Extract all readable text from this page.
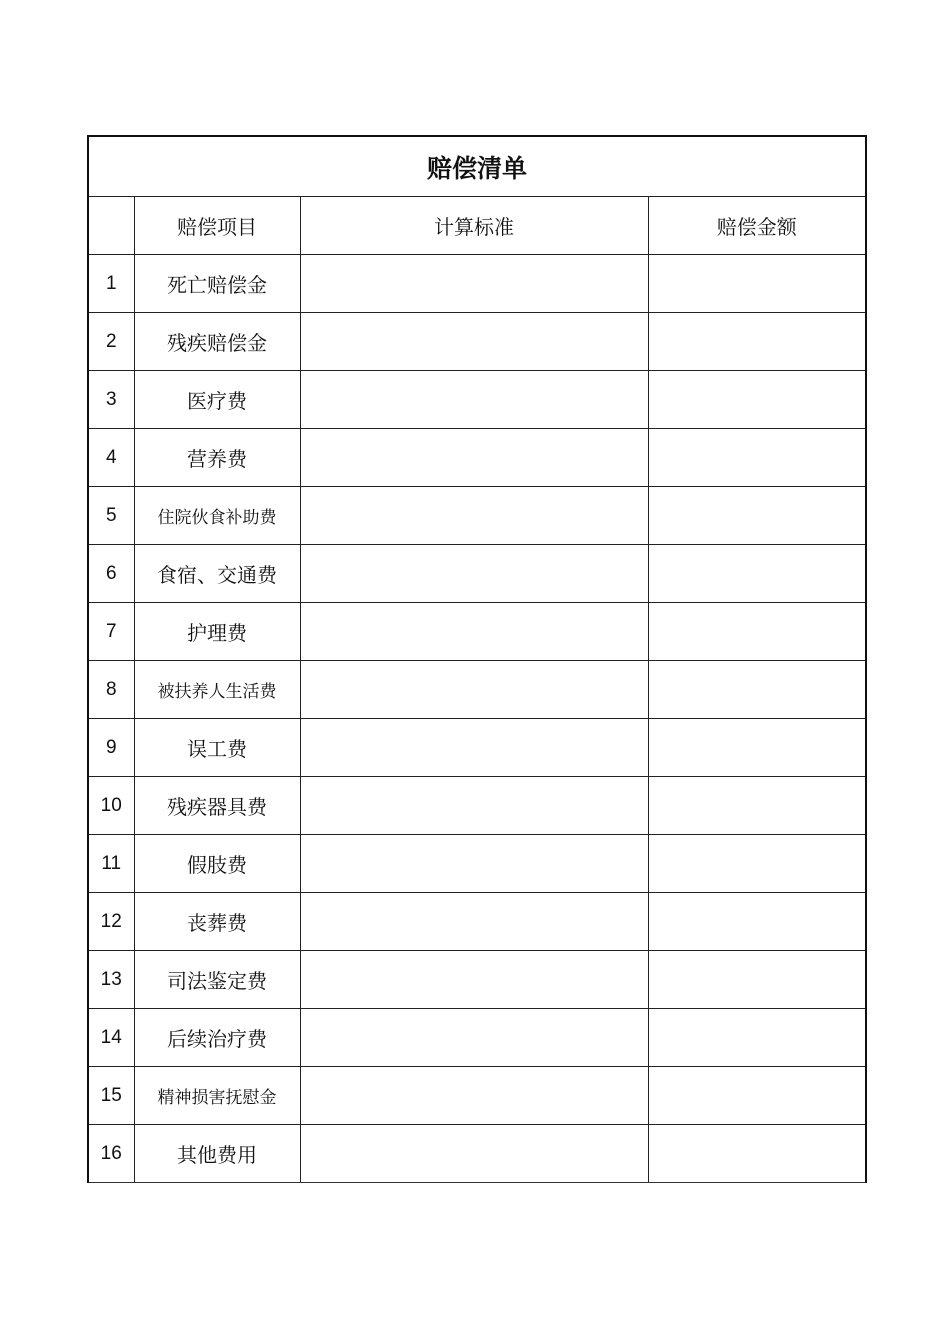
赔偿清单			
	赔偿项目	计算标准	赔偿金额
1	死亡赔偿金		
2	残疾赔偿金		
3	医疗费		
4	营养费		
5	住院伙食补助费		
6	食宿、交通费		
7	护理费		
8	被扶养人生活费		
9	误工费		
10	残疾器具费		
11	假肢费		
12	丧葬费		
13	司法鉴定费		
14	后续治疗费		
15	精神损害抚慰金		
16	其他费用		
